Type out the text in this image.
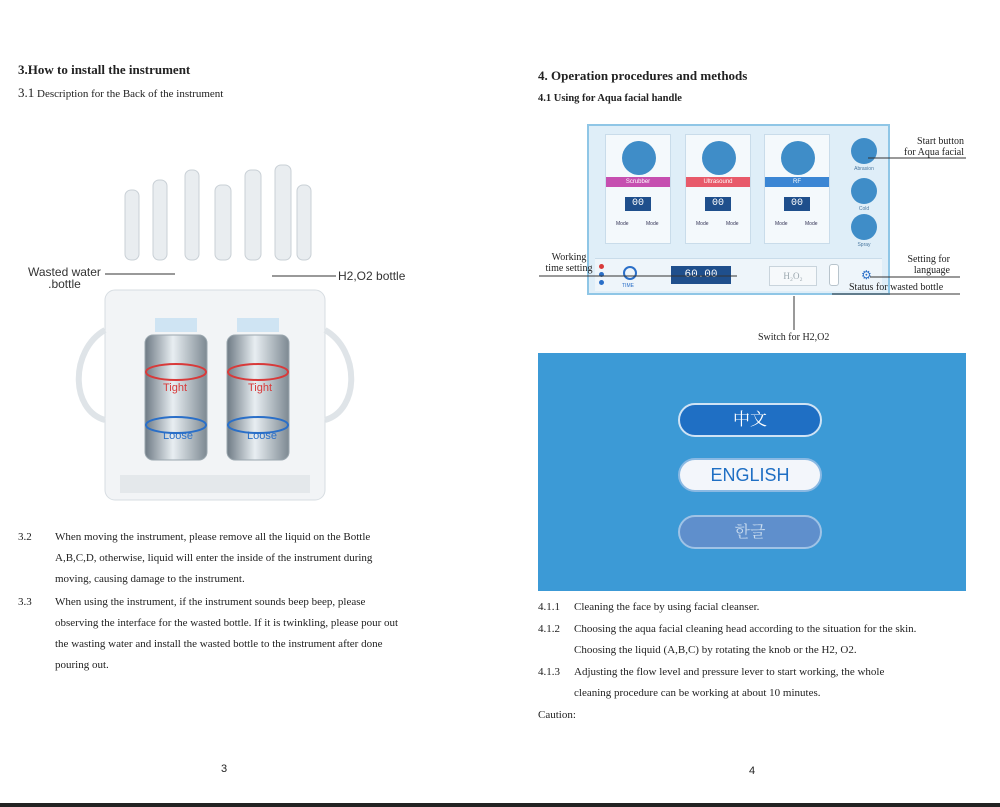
3.How to install the instrument
3.1 Description for the Back of the instrument
Tight	Tight
Loose	Loose
Wasted water
.bottle
H2,O2 bottle
3.2 When moving the instrument, please remove all the liquid on the Bottle
A,B,C,D, otherwise, liquid will enter the inside of the instrument during
moving, causing damage to the instrument.
3.3 When using the instrument, if the instrument sounds beep beep, please
observing the interface for the wasted bottle. If it is twinkling, please pour out
the wasting water and install the wasted bottle to the instrument after done
pouring out.
3
4. Operation procedures and methods
4.1 Using for Aqua facial handle
Scrubber
00
Mode	Mode
Ultrasound
00
Mode	Mode
RF
00
Mode	Mode
Abrasion
Cold
Spray
TIME
60.00	H₂O₂	⚙
Start button
for Aqua facial
Working
time setting
Setting for
language
Status for wasted bottle
Switch for H2,O2
中文
ENGLISH
한글
4.1.1 Cleaning the face by using facial cleanser.
4.1.2 Choosing the aqua facial cleaning head according to the situation for the skin.
Choosing the liquid (A,B,C) by rotating the knob or the H2, O2.
4.1.3 Adjusting the flow level and pressure lever to start working, the whole
cleaning procedure can be working at about 10 minutes.
Caution:
4
